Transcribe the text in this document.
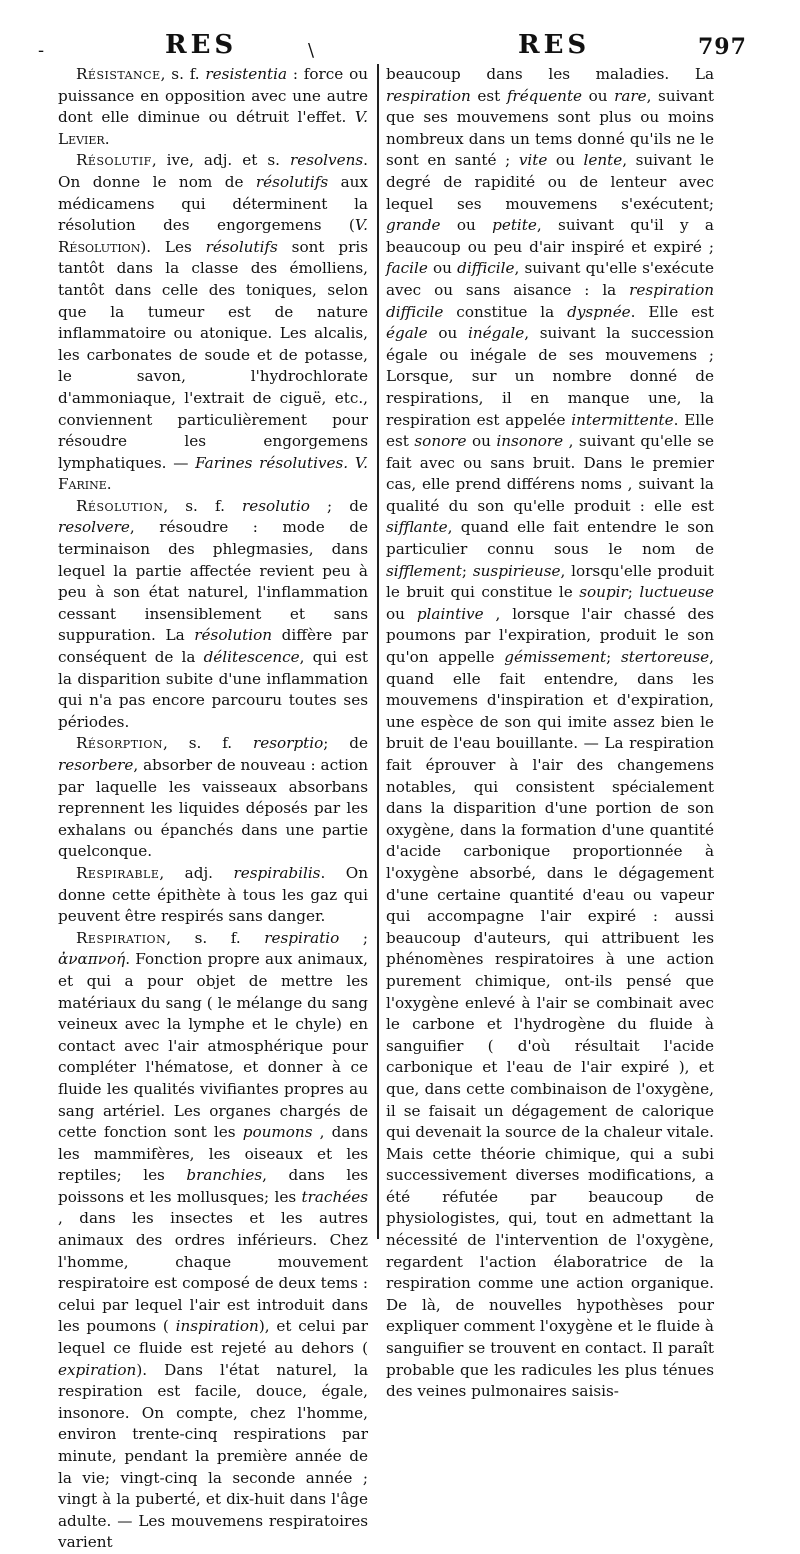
-	RES	\	RES	797

Résistance, s. f. resistentia : force ou puissance en opposition avec une autre dont elle diminue ou détruit l'effet. V. Levier.

Résolutif, ive, adj. et s. resolvens. On donne le nom de résolutifs aux médicamens qui déterminent la résolution des engorgemens (V. Résolution). Les résolutifs sont pris tantôt dans la classe des émolliens, tantôt dans celle des toniques, selon que la tumeur est de nature inflammatoire ou atonique. Les alcalis, les carbonates de soude et de potasse, le savon, l'hydrochlorate d'ammoniaque, l'extrait de ciguë, etc., conviennent particulièrement pour résoudre les engorgemens lymphatiques. — Farines résolutives. V. Farine.

Résolution, s. f. resolutio ; de resolvere, résoudre : mode de terminaison des phlegmasies, dans lequel la partie affectée revient peu à peu à son état naturel, l'inflammation cessant insensiblement et sans suppuration. La résolution diffère par conséquent de la délitescence, qui est la disparition subite d'une inflammation qui n'a pas encore parcouru toutes ses périodes.

Résorption, s. f. resorptio; de resorbere, absorber de nouveau : action par laquelle les vaisseaux absorbans reprennent les liquides déposés par les exhalans ou épanchés dans une partie quelconque.

Respirable, adj. respirabilis. On donne cette épithète à tous les gaz qui peuvent être respirés sans danger.

Respiration, s. f. respiratio ; ἀναπνοή. Fonction propre aux animaux, et qui a pour objet de mettre les matériaux du sang ( le mélange du sang veineux avec la lymphe et le chyle) en contact avec l'air atmosphérique pour compléter l'hématose, et donner à ce fluide les qualités vivifiantes propres au sang artériel. Les organes chargés de cette fonction sont les poumons , dans les mammifères, les oiseaux et les reptiles; les branchies, dans les poissons et les mollusques; les trachées , dans les insectes et les autres animaux des ordres inférieurs. Chez l'homme, chaque mouvement respiratoire est composé de deux tems : celui par lequel l'air est introduit dans les poumons ( inspiration), et celui par lequel ce fluide est rejeté au dehors ( expiration). Dans l'état naturel, la respiration est facile, douce, égale, insonore. On compte, chez l'homme, environ trente-cinq respirations par minute, pendant la première année de la vie; vingt-cinq la seconde année ; vingt à la puberté, et dix-huit dans l'âge adulte. — Les mouvemens respiratoires varient

beaucoup dans les maladies. La respiration est fréquente ou rare, suivant que ses mouvemens sont plus ou moins nombreux dans un tems donné qu'ils ne le sont en santé ; vite ou lente, suivant le degré de rapidité ou de lenteur avec lequel ses mouvemens s'exécutent; grande ou petite, suivant qu'il y a beaucoup ou peu d'air inspiré et expiré ; facile ou difficile, suivant qu'elle s'exécute avec ou sans aisance : la respiration difficile constitue la dyspnée. Elle est égale ou inégale, suivant la succession égale ou inégale de ses mouvemens ; Lorsque, sur un nombre donné de respirations, il en manque une, la respiration est appelée intermittente. Elle est sonore ou insonore , suivant qu'elle se fait avec ou sans bruit. Dans le premier cas, elle prend différens noms , suivant la qualité du son qu'elle produit : elle est sifflante, quand elle fait entendre le son particulier connu sous le nom de sifflement; suspirieuse, lorsqu'elle produit le bruit qui constitue le soupir; luctueuse ou plaintive , lorsque l'air chassé des poumons par l'expiration, produit le son qu'on appelle gémissement; stertoreuse, quand elle fait entendre, dans les mouvemens d'inspiration et d'expiration, une espèce de son qui imite assez bien le bruit de l'eau bouillante. — La respiration fait éprouver à l'air des changemens notables, qui consistent spécialement dans la disparition d'une portion de son oxygène, dans la formation d'une quantité d'acide carbonique proportionnée à l'oxygène absorbé, dans le dégagement d'une certaine quantité d'eau ou vapeur qui accompagne l'air expiré : aussi beaucoup d'auteurs, qui attribuent les phénomènes respiratoires à une action purement chimique, ont-ils pensé que l'oxygène enlevé à l'air se combinait avec le carbone et l'hydrogène du fluide à sanguifier ( d'où résultait l'acide carbonique et l'eau de l'air expiré ), et que, dans cette combinaison de l'oxygène, il se faisait un dégagement de calorique qui devenait la source de la chaleur vitale. Mais cette théorie chimique, qui a subi successivement diverses modifications, a été réfutée par beaucoup de physiologistes, qui, tout en admettant la nécessité de l'intervention de l'oxygène, regardent l'action élaboratrice de la respiration comme une action organique. De là, de nouvelles hypothèses pour expliquer comment l'oxygène et le fluide à sanguifier se trouvent en contact. Il paraît probable que les radicules les plus ténues des veines pulmonaires saisis-
